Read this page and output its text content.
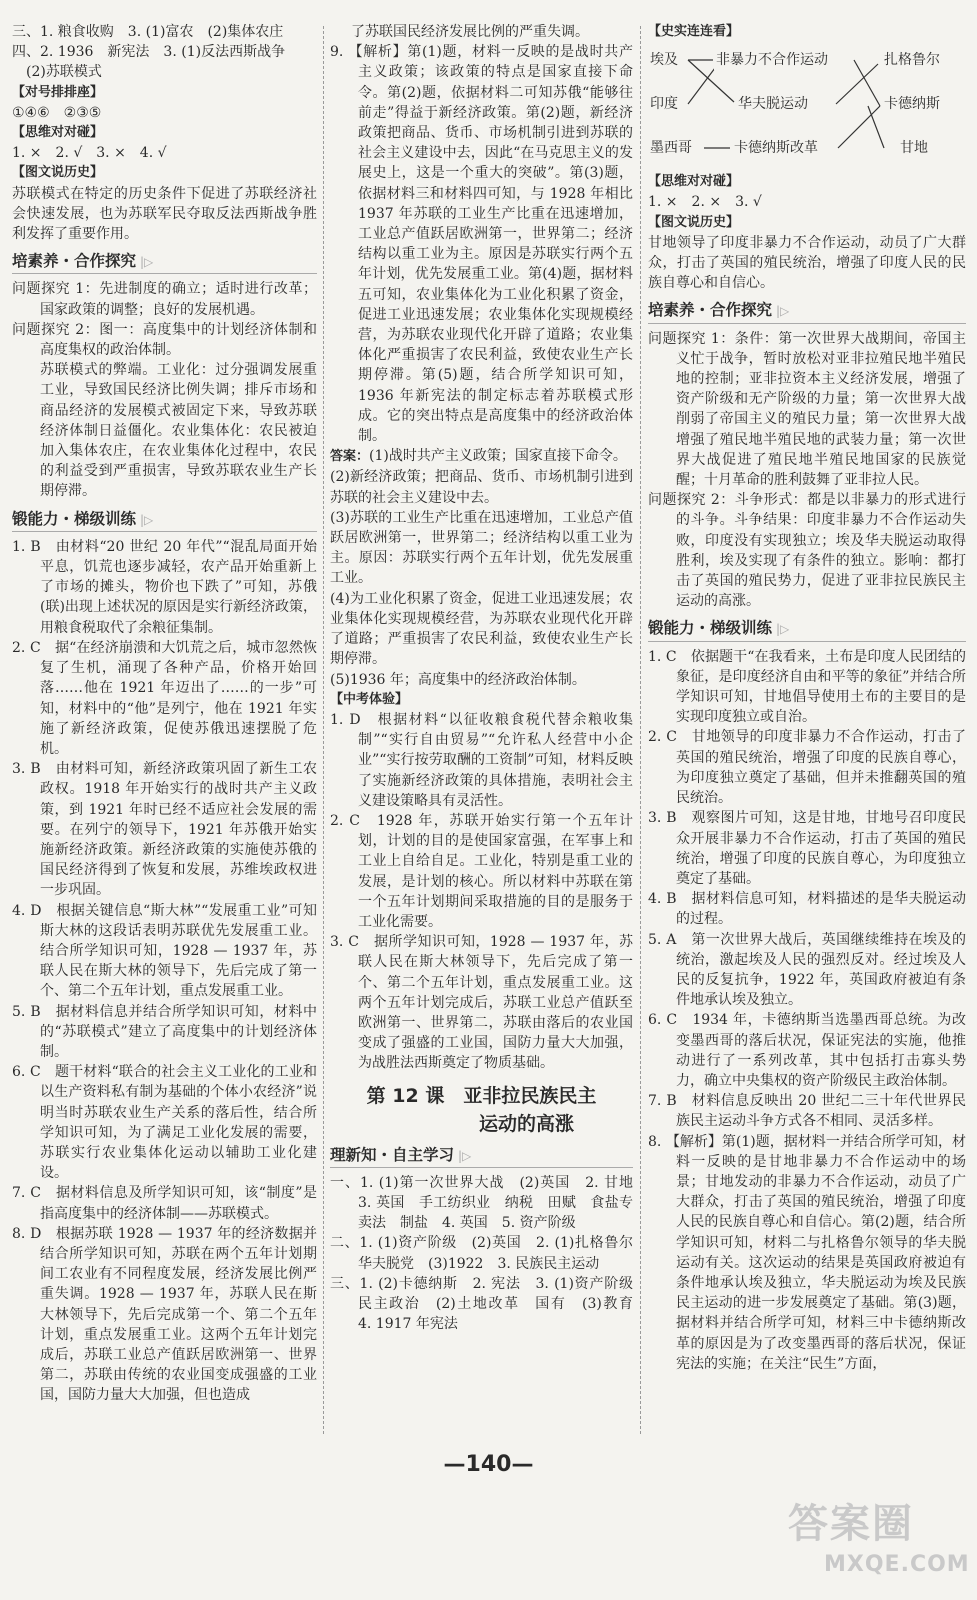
三、1. 粮食收购　3. (1)富农　(2)集体农庄

四、2. 1936　新宪法　3. (1)反法西斯战争

　(2)苏联模式

【对号排排座】

①④⑥　②③⑤

【思维对对碰】

1. ×　2. √　3. ×　4. √

【图文说历史】

苏联模式在特定的历史条件下促进了苏联经济社会快速发展，也为苏联军民夺取反法西斯战争胜利发挥了重要作用。

培素养・合作探究 |▷

问题探究 1：先进制度的确立；适时进行改革；国家政策的调整；良好的发展机遇。

问题探究 2：图一：高度集中的计划经济体制和高度集权的政治体制。

苏联模式的弊端。工业化：过分强调发展重工业，导致国民经济比例失调；排斥市场和商品经济的发展模式被固定下来，导致苏联经济体制日益僵化。农业集体化：农民被迫加入集体农庄，在农业集体化过程中，农民的利益受到严重损害，导致苏联农业生产长期停滞。

锻能力・梯级训练 |▷

1. B　由材料“20 世纪 20 年代”“混乱局面开始平息，饥荒也逐步减轻，农产品开始重新上了市场的摊头，物价也下跌了”可知，苏俄(联)出现上述状况的原因是实行新经济政策，用粮食税取代了余粮征集制。

2. C　据“在经济崩溃和大饥荒之后，城市忽然恢复了生机，涌现了各种产品，价格开始回落……他在 1921 年迈出了……的一步”可知，材料中的“他”是列宁，他在 1921 年实施了新经济政策，促使苏俄迅速摆脱了危机。

3. B　由材料可知，新经济政策巩固了新生工农政权。1918 年开始实行的战时共产主义政策，到 1921 年时已经不适应社会发展的需要。在列宁的领导下，1921 年苏俄开始实施新经济政策。新经济政策的实施使苏俄的国民经济得到了恢复和发展，苏维埃政权进一步巩固。

4. D　根据关键信息“斯大林”“发展重工业”可知斯大林的这段话表明苏联优先发展重工业。结合所学知识可知，1928 — 1937 年，苏联人民在斯大林的领导下，先后完成了第一个、第二个五年计划，重点发展重工业。

5. B　据材料信息并结合所学知识可知，材料中的“苏联模式”建立了高度集中的计划经济体制。

6. C　题干材料“联合的社会主义工业化的工业和以生产资料私有制为基础的个体小农经济”说明当时苏联农业生产关系的落后性，结合所学知识可知，为了满足工业化发展的需要，苏联实行农业集体化运动以辅助工业化建设。

7. C　据材料信息及所学知识可知，该“制度”是指高度集中的经济体制——苏联模式。

8. D　根据苏联 1928 — 1937 年的经济数据并结合所学知识可知，苏联在两个五年计划期间工农业有不同程度发展，经济发展比例严重失调。1928 — 1937 年，苏联人民在斯大林领导下，先后完成第一个、第二个五年计划，重点发展重工业。这两个五年计划完成后，苏联工业总产值跃居欧洲第一、世界第二，苏联由传统的农业国变成强盛的工业国，国防力量大大加强，但也造成

了苏联国民经济发展比例的严重失调。

9. 【解析】第(1)题，材料一反映的是战时共产主义政策；该政策的特点是国家直接下命令。第(2)题，依据材料二可知苏俄“能够往前走”得益于新经济政策。第(2)题，新经济政策把商品、货币、市场机制引进到苏联的社会主义建设中去，因此“在马克思主义的发展史上，这是一个重大的突破”。第(3)题，依据材料三和材料四可知，与 1928 年相比 1937 年苏联的工业生产比重在迅速增加，工业总产值跃居欧洲第一，世界第二；经济结构以重工业为主。原因是苏联实行两个五年计划，优先发展重工业。第(4)题，据材料五可知，农业集体化为工业化积累了资金，促进工业迅速发展；农业集体化实现规模经营，为苏联农业现代化开辟了道路；农业集体化严重损害了农民利益，致使农业生产长期停滞。第(5)题，结合所学知识可知，1936 年新宪法的制定标志着苏联模式形成。它的突出特点是高度集中的经济政治体制。

答案：(1)战时共产主义政策；国家直接下命令。

(2)新经济政策；把商品、货币、市场机制引进到苏联的社会主义建设中去。

(3)苏联的工业生产比重在迅速增加，工业总产值跃居欧洲第一，世界第二；经济结构以重工业为主。原因：苏联实行两个五年计划，优先发展重工业。

(4)为工业化积累了资金，促进工业迅速发展；农业集体化实现规模经营，为苏联农业现代化开辟了道路；严重损害了农民利益，致使农业生产长期停滞。

(5)1936 年；高度集中的经济政治体制。

【中考体验】

1. D　根据材料“以征收粮食税代替余粮收集制”“实行自由贸易”“允许私人经营中小企业”“实行按劳取酬的工资制”可知，材料反映了实施新经济政策的具体措施，表明社会主义建设策略具有灵活性。

2. C　1928 年，苏联开始实行第一个五年计划，计划的目的是使国家富强，在军事上和工业上自给自足。工业化，特别是重工业的发展，是计划的核心。所以材料中苏联在第一个五年计划期间采取措施的目的是服务于工业化需要。

3. C　据所学知识可知，1928 — 1937 年，苏联人民在斯大林领导下，先后完成了第一个、第二个五年计划，重点发展重工业。这两个五年计划完成后，苏联工业总产值跃至欧洲第一、世界第二，苏联由落后的农业国变成了强盛的工业国，国防力量大大加强，为战胜法西斯奠定了物质基础。

第 12 课　亚非拉民族民主
运动的高涨
理新知・自主学习 |▷

一、1. (1)第一次世界大战　(2)英国　2. 甘地　3. 英国　手工纺织业　纳税　田赋　食盐专卖法　制盐　4. 英国　5. 资产阶级

二、1. (1)资产阶级　(2)英国　2. (1)扎格鲁尔　华夫脱党　(3)1922　3. 民族民主运动

三、1. (2)卡德纳斯　2. 宪法　3. (1)资产阶级民主政治　(2)土地改革　国有　(3)教育　4. 1917 年宪法

【史实连连看】
埃及
印度
墨西哥
非暴力不合作运动
华夫脱运动
卡德纳斯改革
扎格鲁尔
卡德纳斯
甘地
【思维对对碰】

1. ×　2. ×　3. √

【图文说历史】

甘地领导了印度非暴力不合作运动，动员了广大群众，打击了英国的殖民统治，增强了印度人民的民族自尊心和自信心。

培素养・合作探究 |▷

问题探究 1：条件：第一次世界大战期间，帝国主义忙于战争，暂时放松对亚非拉殖民地半殖民地的控制；亚非拉资本主义经济发展，增强了资产阶级和无产阶级的力量；第一次世界大战削弱了帝国主义的殖民力量；第一次世界大战增强了殖民地半殖民地的武装力量；第一次世界大战促进了殖民地半殖民地国家的民族觉醒；十月革命的胜利鼓舞了亚非拉人民。

问题探究 2：斗争形式：都是以非暴力的形式进行的斗争。斗争结果：印度非暴力不合作运动失败，印度没有实现独立；埃及华夫脱运动取得胜利，埃及实现了有条件的独立。影响：都打击了英国的殖民势力，促进了亚非拉民族民主运动的高涨。

锻能力・梯级训练 |▷

1. C　依据题干“在我看来，土布是印度人民团结的象征，是印度经济自由和平等的象征”并结合所学知识可知，甘地倡导使用土布的主要目的是实现印度独立或自治。

2. C　甘地领导的印度非暴力不合作运动，打击了英国的殖民统治，增强了印度的民族自尊心，为印度独立奠定了基础，但并未推翻英国的殖民统治。

3. B　观察图片可知，这是甘地，甘地号召印度民众开展非暴力不合作运动，打击了英国的殖民统治，增强了印度的民族自尊心，为印度独立奠定了基础。

4. B　据材料信息可知，材料描述的是华夫脱运动的过程。

5. A　第一次世界大战后，英国继续维持在埃及的统治，激起埃及人民的强烈反对。经过埃及人民的反复抗争，1922 年，英国政府被迫有条件地承认埃及独立。

6. C　1934 年，卡德纳斯当选墨西哥总统。为改变墨西哥的落后状况，保证宪法的实施，他推动进行了一系列改革，其中包括打击寡头势力，确立中央集权的资产阶级民主政治体制。

7. B　材料信息反映出 20 世纪二三十年代世界民族民主运动斗争方式各不相同、灵活多样。

8. 【解析】第(1)题，据材料一并结合所学可知，材料一反映的是甘地非暴力不合作运动中的场景；甘地发动的非暴力不合作运动，动员了广大群众，打击了英国的殖民统治，增强了印度人民的民族自尊心和自信心。第(2)题，结合所学知识可知，材料二与扎格鲁尔领导的华夫脱运动有关。这次运动的结果是英国政府被迫有条件地承认埃及独立，华夫脱运动为埃及民族民主运动的进一步发展奠定了基础。第(3)题，据材料并结合所学可知，材料三中卡德纳斯改革的原因是为了改变墨西哥的落后状况，保证宪法的实施；在关注“民生”方面，

—140—
答案圈
MXQE.COM
